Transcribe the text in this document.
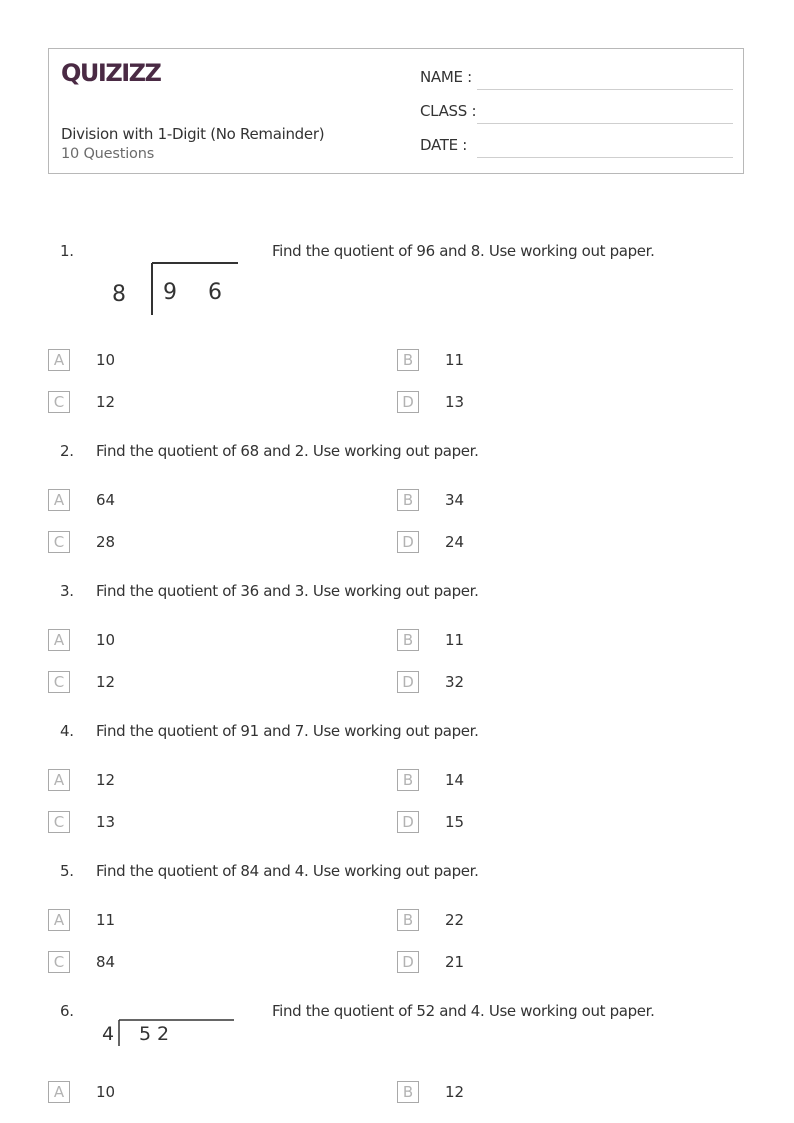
QUIZIZZ
Division with 1-Digit (No Remainder)
10 Questions
NAME :
CLASS :
DATE :
1.
8 9 6
Find the quotient of 96 and 8. Use working out paper.
A	10	B	11
C	12	D	13
2. Find the quotient of 68 and 2. Use working out paper.
A	64	B	34
C	28	D	24
3. Find the quotient of 36 and 3. Use working out paper.
A	10	B	11
C	12	D	32
4. Find the quotient of 91 and 7. Use working out paper.
A	12	B	14
C	13	D	15
5. Find the quotient of 84 and 4. Use working out paper.
A	11	B	22
C	84	D	21
6.
4 5 2
Find the quotient of 52 and 4. Use working out paper.
A	10	B	12
